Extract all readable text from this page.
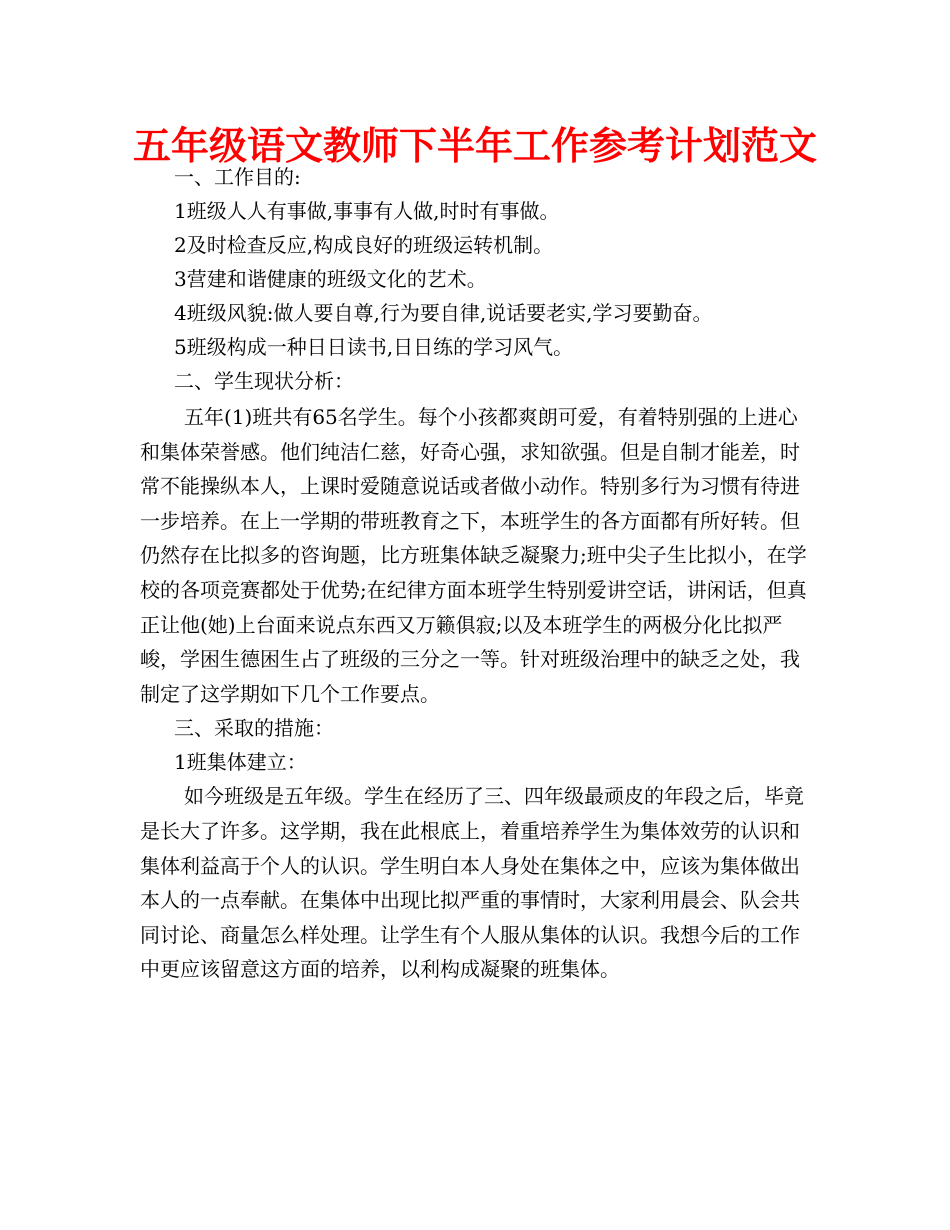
五年级语文教师下半年工作参考计划范文

一、工作目的:

1班级人人有事做,事事有人做,时时有事做。

2及时检查反应,构成良好的班级运转机制。

3营建和谐健康的班级文化的艺术。

4班级风貌:做人要自尊,行为要自律,说话要老实,学习要勤奋。

5班级构成一种日日读书,日日练的学习风气。

二、学生现状分析：

五年(1)班共有65名学生。每个小孩都爽朗可爱，有着特别强的上进心和集体荣誉感。他们纯洁仁慈，好奇心强，求知欲强。但是自制才能差，时常不能操纵本人，上课时爱随意说话或者做小动作。特别多行为习惯有待进一步培养。在上一学期的带班教育之下，本班学生的各方面都有所好转。但仍然存在比拟多的咨询题，比方班集体缺乏凝聚力;班中尖子生比拟小，在学校的各项竞赛都处于优势;在纪律方面本班学生特别爱讲空话，讲闲话，但真正让他(她)上台面来说点东西又万籁俱寂;以及本班学生的两极分化比拟严峻，学困生德困生占了班级的三分之一等。针对班级治理中的缺乏之处，我制定了这学期如下几个工作要点。

三、采取的措施：

1班集体建立：

如今班级是五年级。学生在经历了三、四年级最顽皮的年段之后，毕竟是长大了许多。这学期，我在此根底上，着重培养学生为集体效劳的认识和集体利益高于个人的认识。学生明白本人身处在集体之中，应该为集体做出本人的一点奉献。在集体中出现比拟严重的事情时，大家利用晨会、队会共同讨论、商量怎么样处理。让学生有个人服从集体的认识。我想今后的工作中更应该留意这方面的培养，以利构成凝聚的班集体。
